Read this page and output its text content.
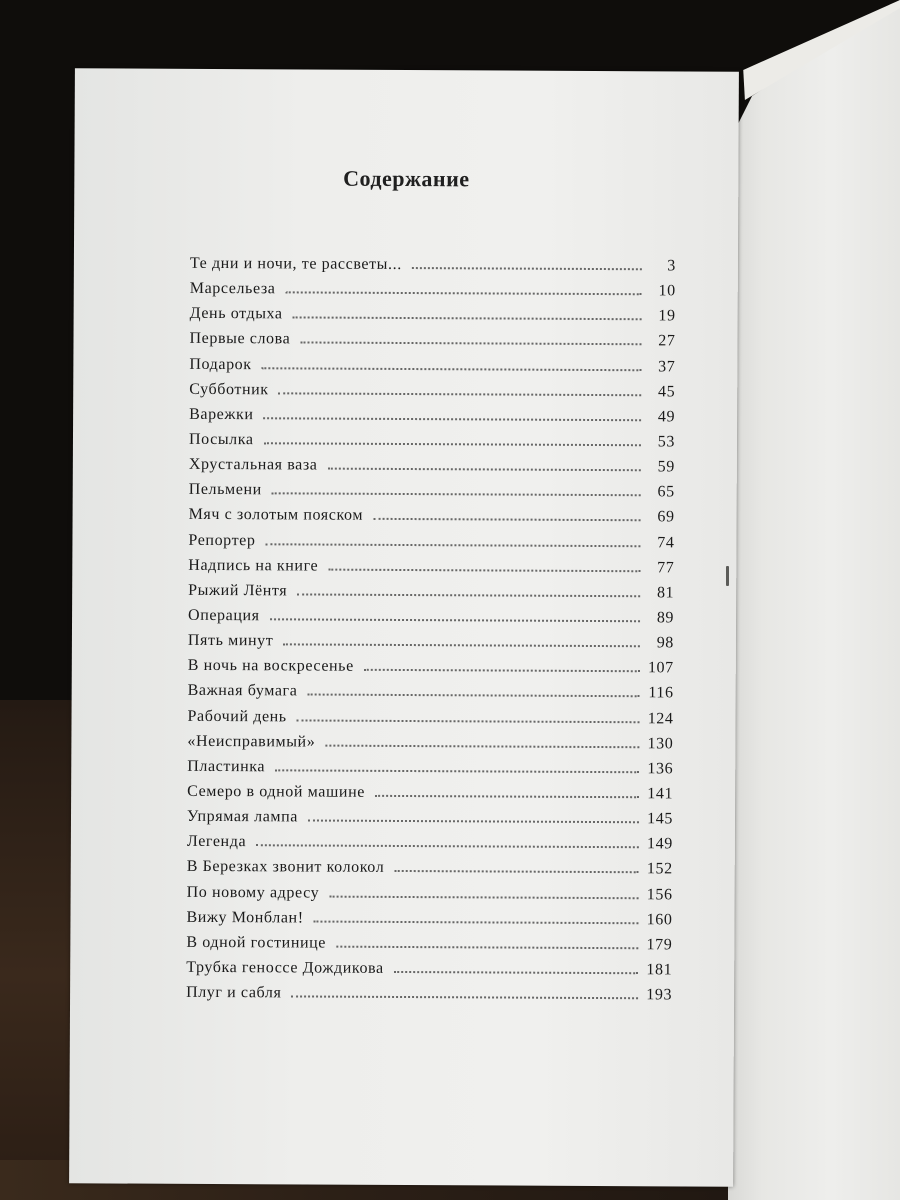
Содержание
Те дни и ночи, те рассветы...	3
Марсельеза	10
День отдыха	19
Первые слова	27
Подарок	37
Субботник	45
Варежки	49
Посылка	53
Хрустальная ваза	59
Пельмени	65
Мяч с золотым пояском	69
Репортер	74
Надпись на книге	77
Рыжий Лёнтя	81
Операция	89
Пять минут	98
В ночь на воскресенье	107
Важная бумага	116
Рабочий день	124
«Неисправимый»	130
Пластинка	136
Семеро в одной машине	141
Упрямая лампа	145
Легенда	149
В Березках звонит колокол	152
По новому адресу	156
Вижу Монблан!	160
В одной гостинице	179
Трубка геноссе Дождикова	181
Плуг и сабля	193
